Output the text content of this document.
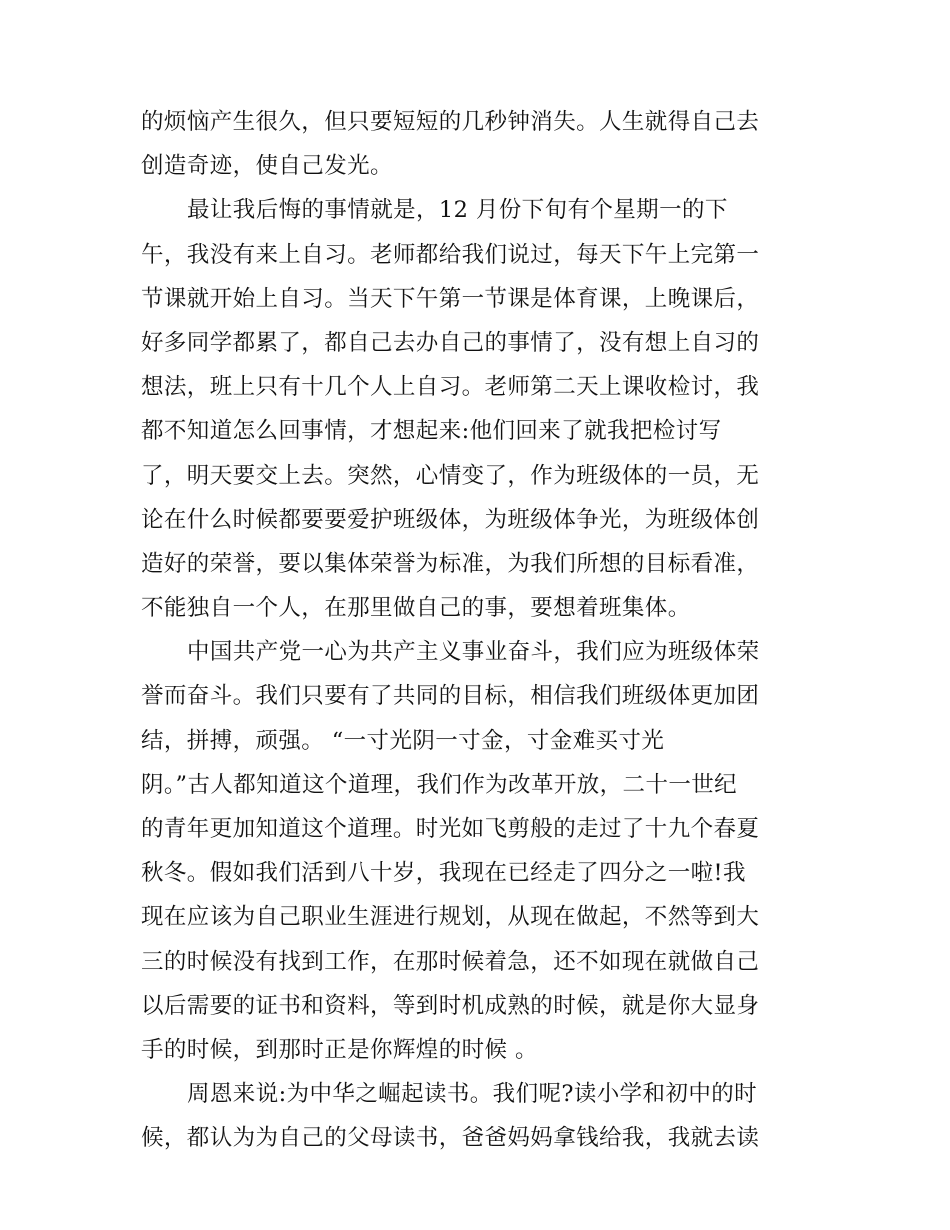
的烦恼产生很久，但只要短短的几秒钟消失。人生就得自己去
创造奇迹，使自己发光。
最让我后悔的事情就是，12 月份下旬有个星期一的下
午，我没有来上自习。老师都给我们说过，每天下午上完第一
节课就开始上自习。当天下午第一节课是体育课，上晚课后，
好多同学都累了，都自己去办自己的事情了，没有想上自习的
想法，班上只有十几个人上自习。老师第二天上课收检讨，我
都不知道怎么回事情，才想起来:他们回来了就我把检讨写
了，明天要交上去。突然，心情变了，作为班级体的一员，无
论在什么时候都要要爱护班级体，为班级体争光，为班级体创
造好的荣誉，要以集体荣誉为标准，为我们所想的目标看准，
不能独自一个人，在那里做自己的事，要想着班集体。
中国共产党一心为共产主义事业奋斗，我们应为班级体荣
誉而奋斗。我们只要有了共同的目标，相信我们班级体更加团
结，拼搏，顽强。 “一寸光阴一寸金，寸金难买寸光
阴。”古人都知道这个道理，我们作为改革开放，二十一世纪
的青年更加知道这个道理。时光如飞剪般的走过了十九个春夏
秋冬。假如我们活到八十岁，我现在已经走了四分之一啦!我
现在应该为自己职业生涯进行规划，从现在做起，不然等到大
三的时候没有找到工作，在那时候着急，还不如现在就做自己
以后需要的证书和资料，等到时机成熟的时候，就是你大显身
手的时候，到那时正是你辉煌的时候 。
周恩来说:为中华之崛起读书。我们呢?读小学和初中的时
候，都认为为自己的父母读书，爸爸妈妈拿钱给我，我就去读
